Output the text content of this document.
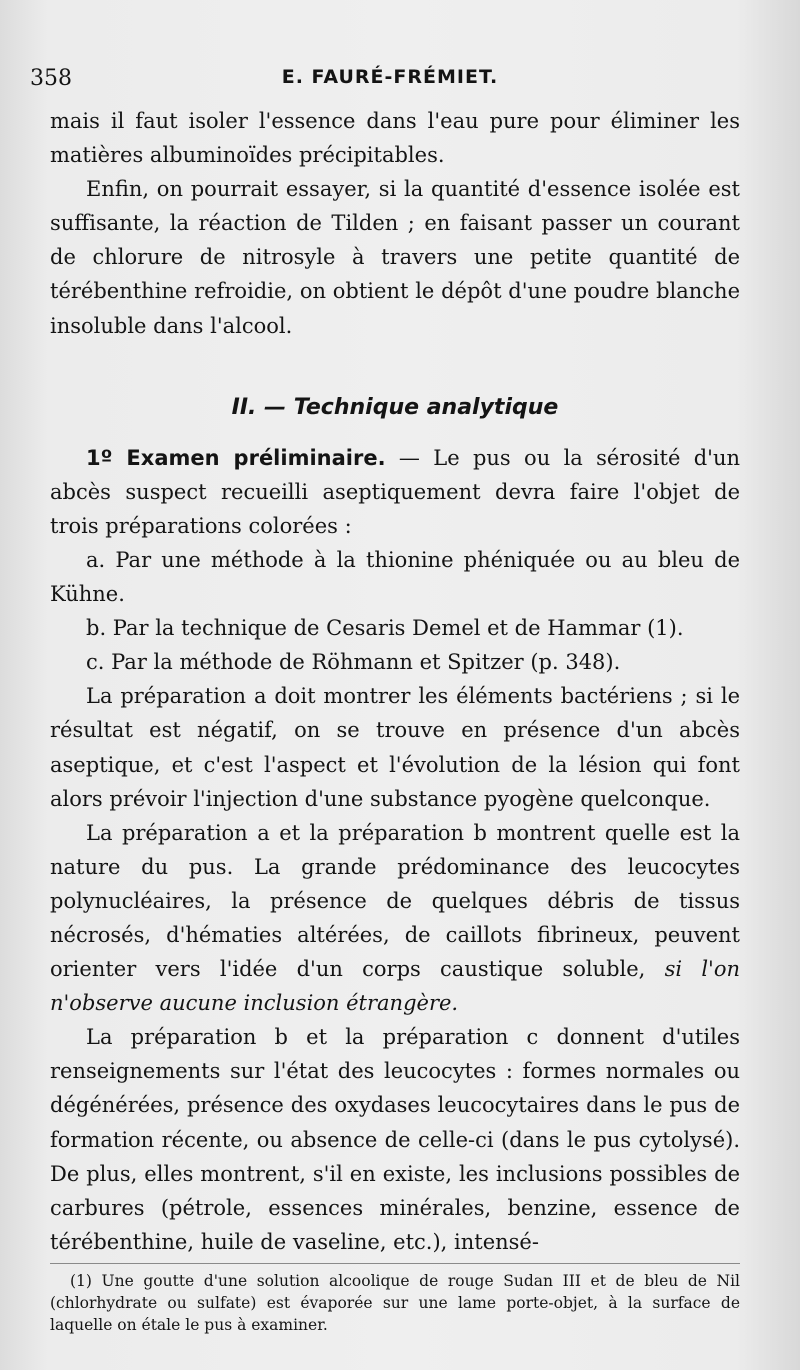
358	E. FAURÉ-FRÉMIET.

mais il faut isoler l'essence dans l'eau pure pour éliminer les matières albuminoïdes précipitables.

Enfin, on pourrait essayer, si la quantité d'essence isolée est suffisante, la réaction de Tilden ; en faisant passer un courant de chlorure de nitrosyle à travers une petite quantité de térébenthine refroidie, on obtient le dépôt d'une poudre blanche insoluble dans l'alcool.

II. — Technique analytique

1º Examen préliminaire. — Le pus ou la sérosité d'un abcès suspect recueilli aseptiquement devra faire l'objet de trois préparations colorées :

a. Par une méthode à la thionine phéniquée ou au bleu de Kühne.

b. Par la technique de Cesaris Demel et de Hammar (1).

c. Par la méthode de Röhmann et Spitzer (p. 348).

La préparation a doit montrer les éléments bactériens ; si le résultat est négatif, on se trouve en présence d'un abcès aseptique, et c'est l'aspect et l'évolution de la lésion qui font alors prévoir l'injection d'une substance pyogène quelconque.

La préparation a et la préparation b montrent quelle est la nature du pus. La grande prédominance des leucocytes polynucléaires, la présence de quelques débris de tissus nécrosés, d'hématies altérées, de caillots fibrineux, peuvent orienter vers l'idée d'un corps caustique soluble, si l'on n'observe aucune inclusion étrangère.

La préparation b et la préparation c donnent d'utiles renseignements sur l'état des leucocytes : formes normales ou dégénérées, présence des oxydases leucocytaires dans le pus de formation récente, ou absence de celle-ci (dans le pus cytolysé). De plus, elles montrent, s'il en existe, les inclusions possibles de carbures (pétrole, essences minérales, benzine, essence de térébenthine, huile de vaseline, etc.), intensé-

(1) Une goutte d'une solution alcoolique de rouge Sudan III et de bleu de Nil (chlorhydrate ou sulfate) est évaporée sur une lame porte-objet, à la surface de laquelle on étale le pus à examiner.
